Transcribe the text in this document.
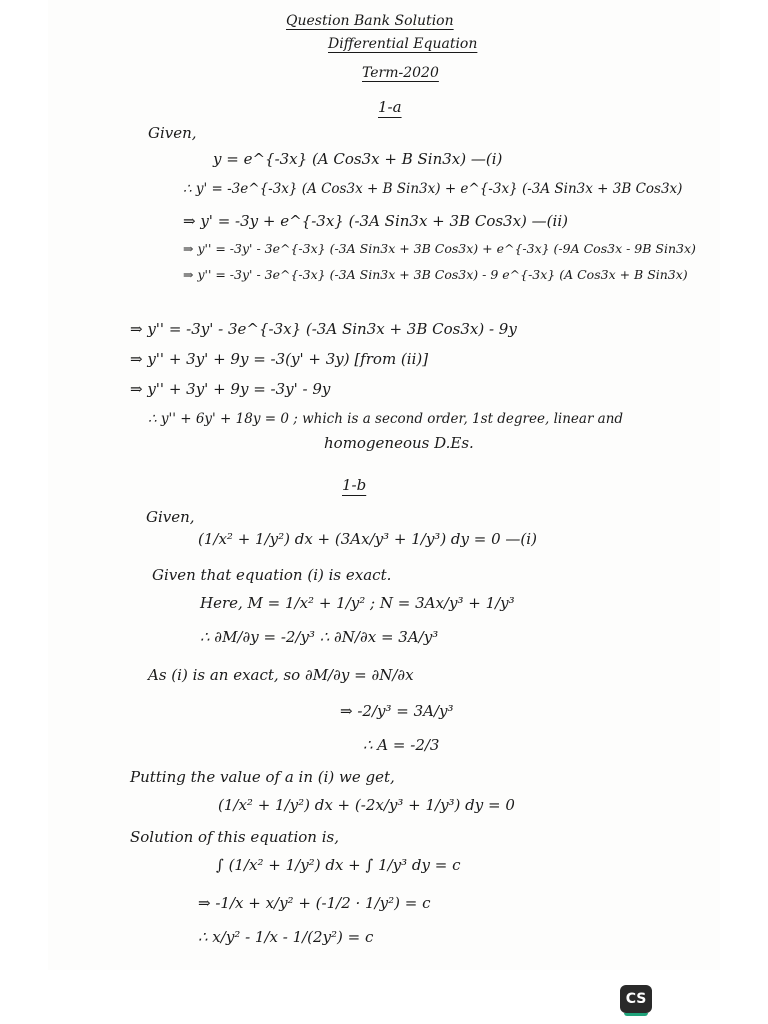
Question Bank Solution
Differential Equation
Term-2020
1-a
Given,
y = e^{-3x} (A Cos3x + B Sin3x) —(i)
∴ y' = -3e^{-3x} (A Cos3x + B Sin3x) + e^{-3x} (-3A Sin3x + 3B Cos3x)
⇒ y' = -3y + e^{-3x} (-3A Sin3x + 3B Cos3x) —(ii)
⇒ y'' = -3y' - 3e^{-3x} (-3A Sin3x + 3B Cos3x) + e^{-3x} (-9A Cos3x - 9B Sin3x)
⇒ y'' = -3y' - 3e^{-3x} (-3A Sin3x + 3B Cos3x) - 9 e^{-3x} (A Cos3x + B Sin3x)
⇒ y'' = -3y' - 3e^{-3x} (-3A Sin3x + 3B Cos3x) - 9y
⇒ y'' + 3y' + 9y = -3(y' + 3y) [from (ii)]
⇒ y'' + 3y' + 9y = -3y' - 9y
∴ y'' + 6y' + 18y = 0 ; which is a second order, 1st degree, linear and
homogeneous D.Es.
1-b
Given,
(1/x² + 1/y²) dx + (3Ax/y³ + 1/y³) dy = 0 —(i)
Given that equation (i) is exact.
Here, M = 1/x² + 1/y² ; N = 3Ax/y³ + 1/y³
∴ ∂M/∂y = -2/y³ ∴ ∂N/∂x = 3A/y³
As (i) is an exact, so ∂M/∂y = ∂N/∂x
⇒ -2/y³ = 3A/y³
∴ A = -2/3
Putting the value of a in (i) we get,
(1/x² + 1/y²) dx + (-2x/y³ + 1/y³) dy = 0
Solution of this equation is,
∫ (1/x² + 1/y²) dx + ∫ 1/y³ dy = c
⇒ -1/x + x/y² + (-1/2 · 1/y²) = c
∴ x/y² - 1/x - 1/(2y²) = c
CS
